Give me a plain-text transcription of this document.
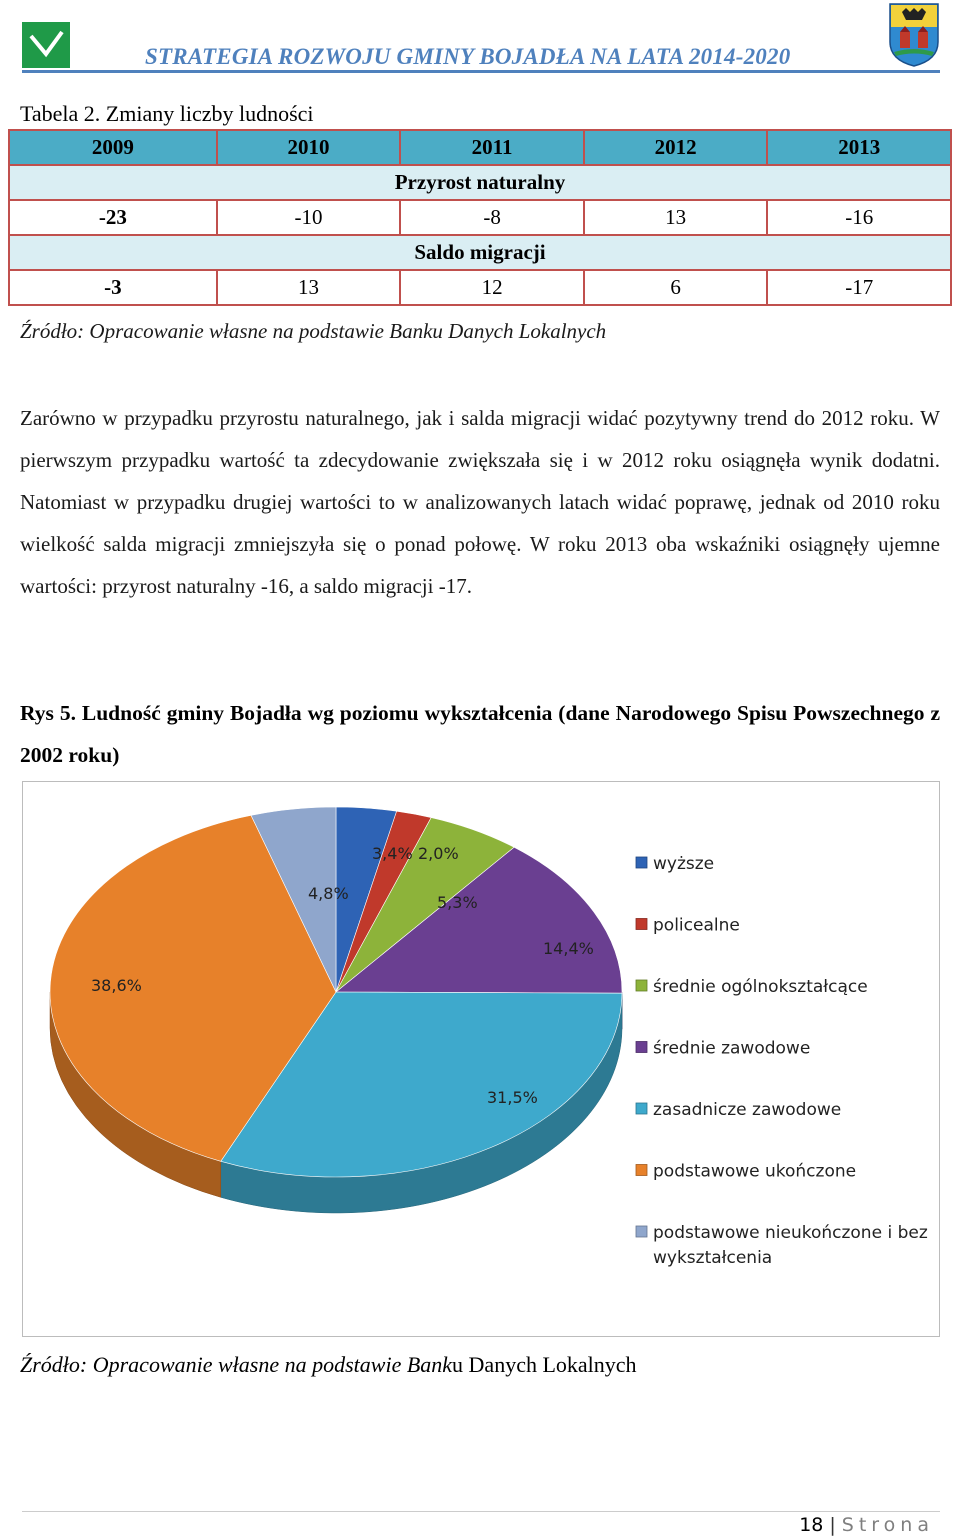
STRATEGIA ROZWOJU GMINY BOJADŁA NA LATA 2014-2020
Tabela 2. Zmiany liczby ludności
2009	2010	2011	2012	2013
Przyrost naturalny				
-23	-10	-8	13	-16
Saldo migracji				
-3	13	12	6	-17
Źródło: Opracowanie własne na podstawie Banku Danych Lokalnych

Zarówno w przypadku przyrostu naturalnego, jak i salda migracji widać pozytywny trend do 2012 roku. W pierwszym przypadku wartość ta zdecydowanie zwiększała się i w 2012 roku osiągnęła wynik dodatni. Natomiast w przypadku drugiej wartości to w analizowanych latach widać poprawę, jednak od 2010 roku wielkość salda migracji zmniejszyła się o ponad połowę. W roku 2013 oba wskaźniki osiągnęły ujemne wartości: przyrost naturalny -16, a saldo migracji -17.

Rys 5. Ludność gminy Bojadła wg poziomu wykształcenia (dane Narodowego Spisu Powszechnego z 2002 roku)

3,4% 2,0%
5,3%
14,4%
31,5%
38,6%
4,8%
wyższe
policealne
średnie ogólnokształcące
średnie zawodowe
zasadnicze zawodowe
podstawowe ukończone
podstawowe nieukończone i bez wykształcenia
Źródło: Opracowanie własne na podstawie Banku Danych Lokalnych
18 | Strona
